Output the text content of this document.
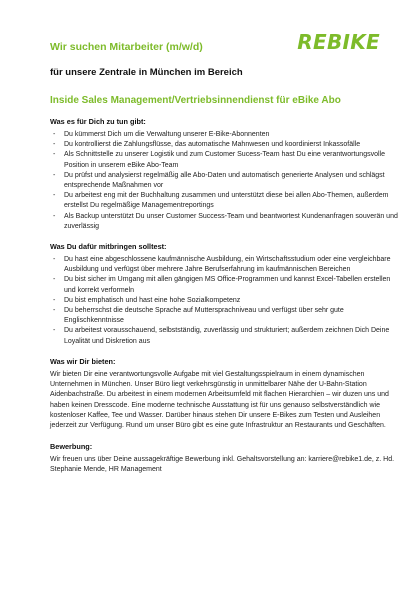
REBIKE
Wir suchen Mitarbeiter (m/w/d)
für unsere Zentrale in München im Bereich
Inside Sales Management/Vertriebsinnendienst für eBike Abo
Was es für Dich zu tun gibt:
- Du kümmerst Dich um die Verwaltung unserer E-Bike-Abonnenten
- Du kontrollierst die Zahlungsflüsse, das automatische Mahnwesen und koordinierst Inkassofälle
- Als Schnittstelle zu unserer Logistik und zum Customer Sucess-Team hast Du eine verantwortungsvolle Position in unserem eBike Abo-Team
- Du prüfst und analysierst regelmäßig alle Abo-Daten und automatisch generierte Analysen und schlägst entsprechende Maßnahmen vor
- Du arbeitest eng mit der Buchhaltung zusammen und unterstützt diese bei allen Abo-Themen, außerdem erstellst Du regelmäßige Managementreportings
- Als Backup unterstützt Du unser Customer Success-Team und beantwortest Kundenanfragen souverän und zuverlässig
Was Du dafür mitbringen solltest:
- Du hast eine abgeschlossene kaufmännische Ausbildung, ein Wirtschaftsstudium oder eine vergleichbare Ausbildung und verfügst über mehrere Jahre Berufserfahrung im kaufmännischen Bereichen
- Du bist sicher im Umgang mit allen gängigen MS Office-Programmen und kannst Excel-Tabellen erstellen und korrekt verformeln
- Du bist emphatisch und hast eine hohe Sozialkompetenz
- Du beherrschst die deutsche Sprache auf Muttersprachniveau und verfügst über sehr gute Englischkenntnisse
- Du arbeitest vorausschauend, selbstständig, zuverlässig und strukturiert; außerdem zeichnen Dich Deine Loyalität und Diskretion aus
Was wir Dir bieten:

Wir bieten Dir eine verantwortungsvolle Aufgabe mit viel Gestaltungsspielraum in einem dynamischen Unternehmen in München. Unser Büro liegt verkehrsgünstig in unmittelbarer Nähe der U-Bahn-Station Aidenbachstraße. Du arbeitest in einem modernen Arbeitsumfeld mit flachen Hierarchien – wir duzen uns und haben keinen Dresscode. Eine moderne technische Ausstattung ist für uns genauso selbstverständlich wie kostenloser Kaffee, Tee und Wasser. Darüber hinaus stehen Dir unsere E-Bikes zum Testen und Ausleihen jederzeit zur Verfügung. Rund um unser Büro gibt es eine gute Infrastruktur an Restaurants und Geschäften.

Bewerbung:

Wir freuen uns über Deine aussagekräftige Bewerbung inkl. Gehaltsvorstellung an: karriere@rebike1.de, z. Hd. Stephanie Mende, HR Management
